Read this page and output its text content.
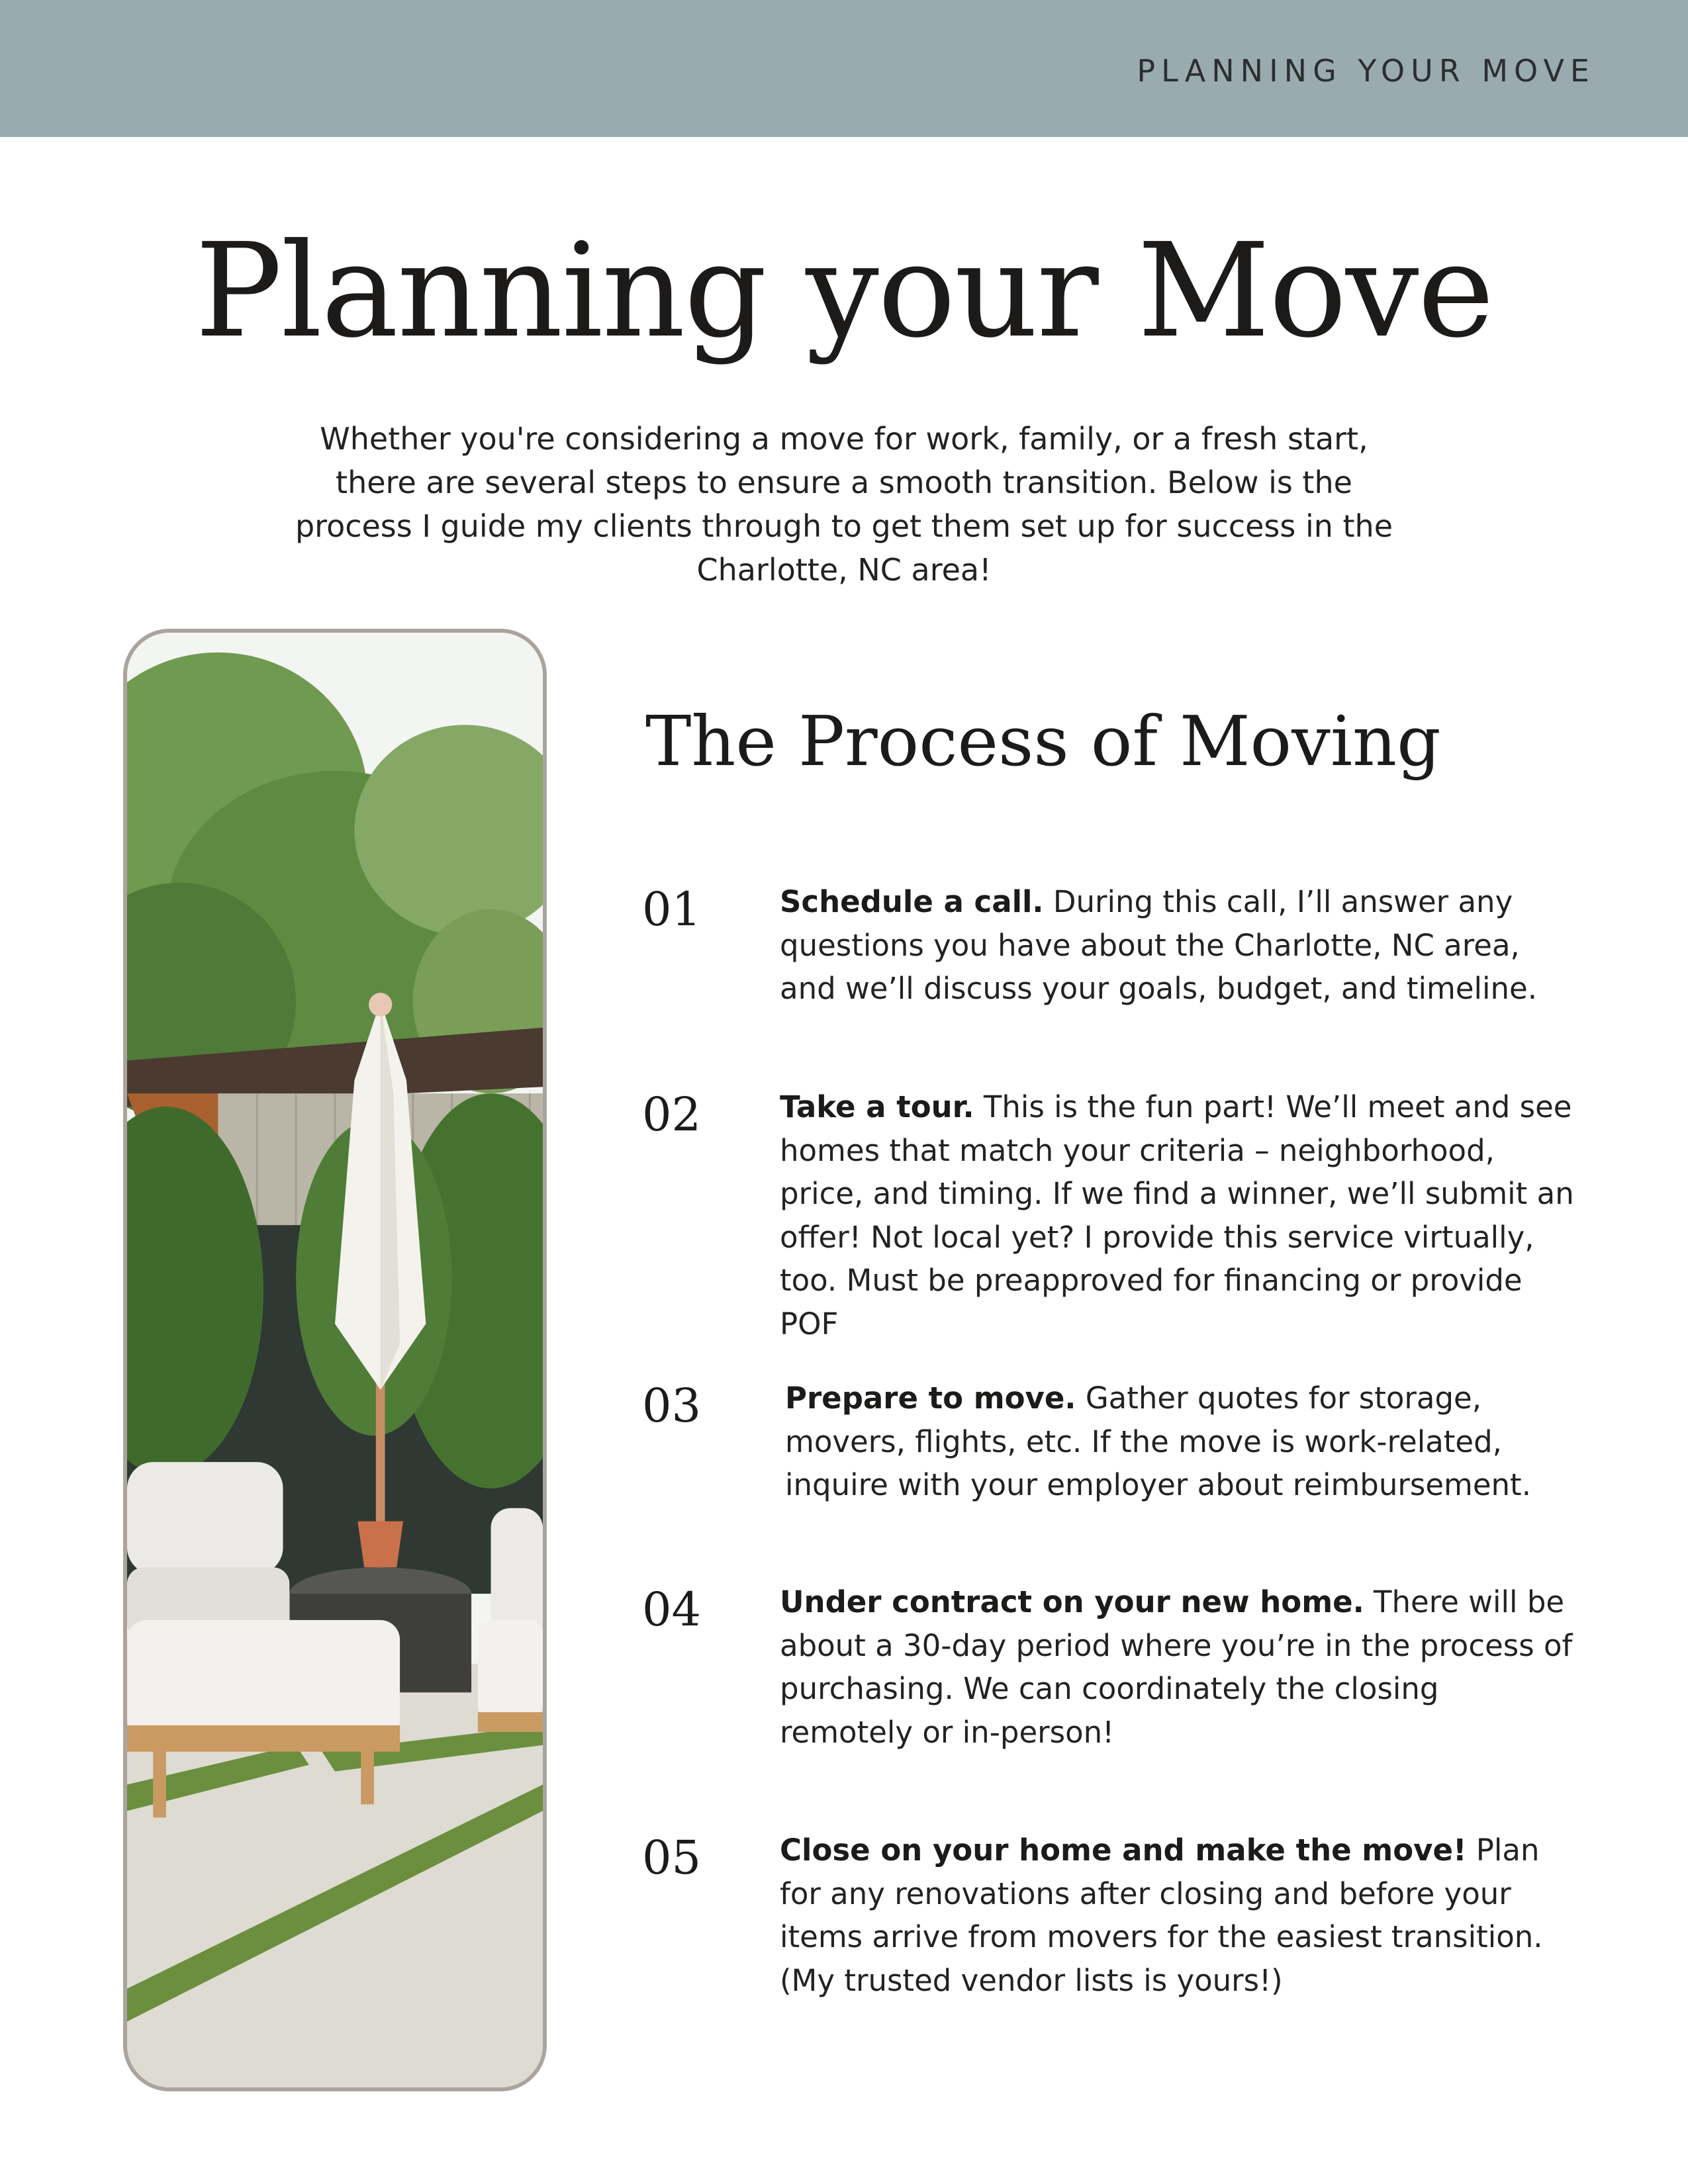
PLANNING YOUR MOVE
Planning your Move

Whether you're considering a move for work, family, or a fresh start, there are several steps to ensure a smooth transition. Below is the process I guide my clients through to get them set up for success in the Charlotte, NC area!

The Process of Moving
01	Schedule a call. During this call, I’ll answer any questions you have about the Charlotte, NC area, and we’ll discuss your goals, budget, and timeline.

02	Take a tour. This is the fun part! We’ll meet and see homes that match your criteria – neighborhood, price, and timing. If we find a winner, we’ll submit an offer! Not local yet? I provide this service virtually, too. Must be preapproved for financing or provide POF

03	Prepare to move. Gather quotes for storage, movers, flights, etc. If the move is work-related, inquire with your employer about reimbursement.

04	Under contract on your new home. There will be about a 30-day period where you’re in the process of purchasing. We can coordinately the closing remotely or in-person!

05	Close on your home and make the move! Plan for any renovations after closing and before your items arrive from movers for the easiest transition. (My trusted vendor lists is yours!)
